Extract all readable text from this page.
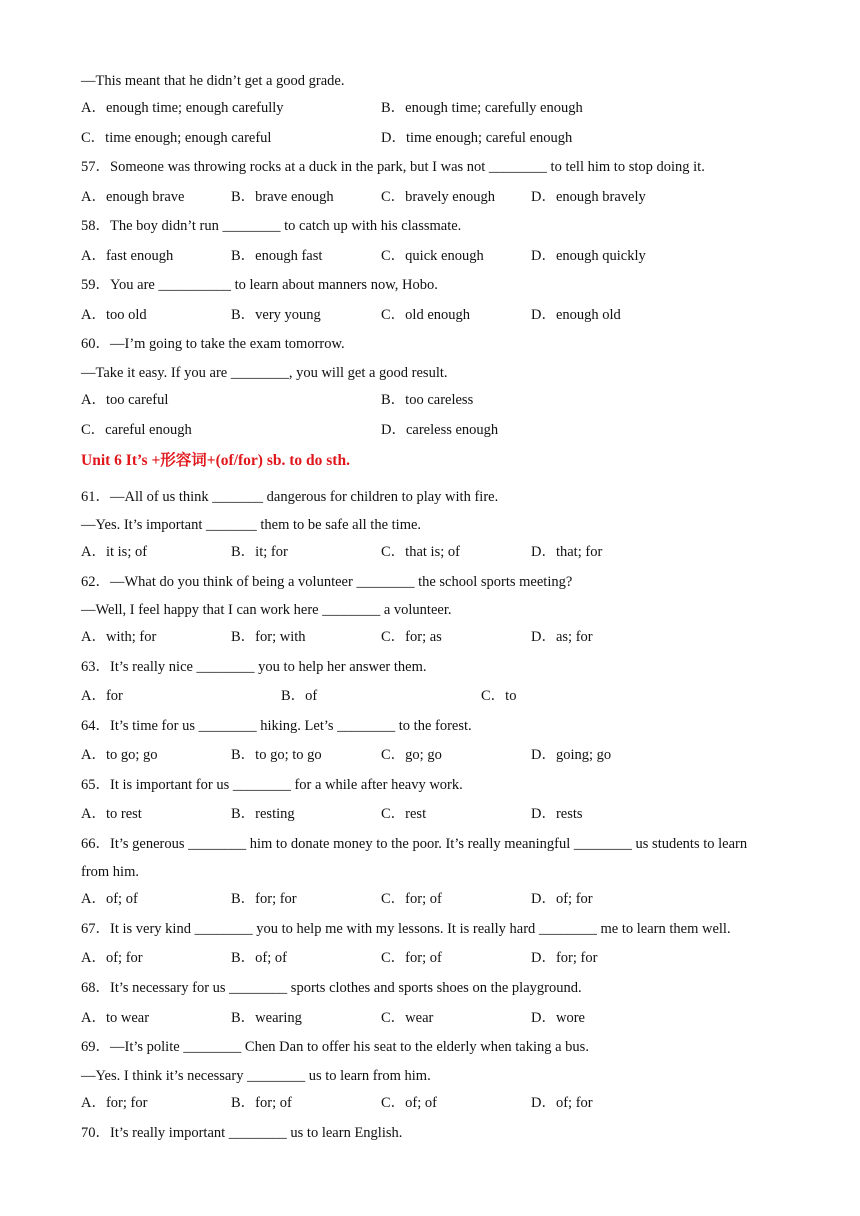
—This meant that he didn’t get a good grade.
A．enough time; enough carefully	B．enough time; carefully enough
C．time enough; enough careful	D．time enough; careful enough
57．Someone was throwing rocks at a duck in the park, but I was not ________ to tell him to stop doing it.
A．enough brave	B．brave enough	C．bravely enough D．enough bravely
58．The boy didn’t run ________ to catch up with his classmate.
A．fast enough	B．enough fast	C．quick enough	D．enough quickly
59．You are __________ to learn about manners now, Hobo.
A．too old	B．very young	C．old enough	D．enough old
60．—I’m going to take the exam tomorrow.
—Take it easy. If you are ________, you will get a good result.
A．too careful	B．too careless
C．careful enough	D．careless enough
Unit 6 It’s +形容词+(of/for) sb. to do sth.
61．—All of us think _______ dangerous for children to play with fire.
—Yes. It’s important _______ them to be safe all the time.
A．it is; of	B．it; for	C．that is; of	D．that; for
62．—What do you think of being a volunteer ________ the school sports meeting?
—Well, I feel happy that I can work here ________ a volunteer.
A．with; for	B．for; with	C．for; as	D．as; for
63．It’s really nice ________ you to help her answer them.
A．for	B．of	C．to
64．It’s time for us ________ hiking. Let’s ________ to the forest.
A．to go; go	B．to go; to go	C．go; go	D．going; go
65．It is important for us ________ for a while after heavy work.
A．to rest	B．resting	C．rest	D．rests
66．It’s generous ________ him to donate money to the poor. It’s really meaningful ________ us students to learn
from him.
A．of; of	B．for; for	C．for; of	D．of; for
67．It is very kind ________ you to help me with my lessons. It is really hard ________ me to learn them well.
A．of; for	B．of; of	C．for; of	D．for; for
68．It’s necessary for us ________ sports clothes and sports shoes on the playground.
A．to wear	B．wearing	C．wear	D．wore
69．—It’s polite ________ Chen Dan to offer his seat to the elderly when taking a bus.
—Yes. I think it’s necessary ________ us to learn from him.
A．for; for	B．for; of	C．of; of	D．of; for
70．It’s really important ________ us to learn English.
